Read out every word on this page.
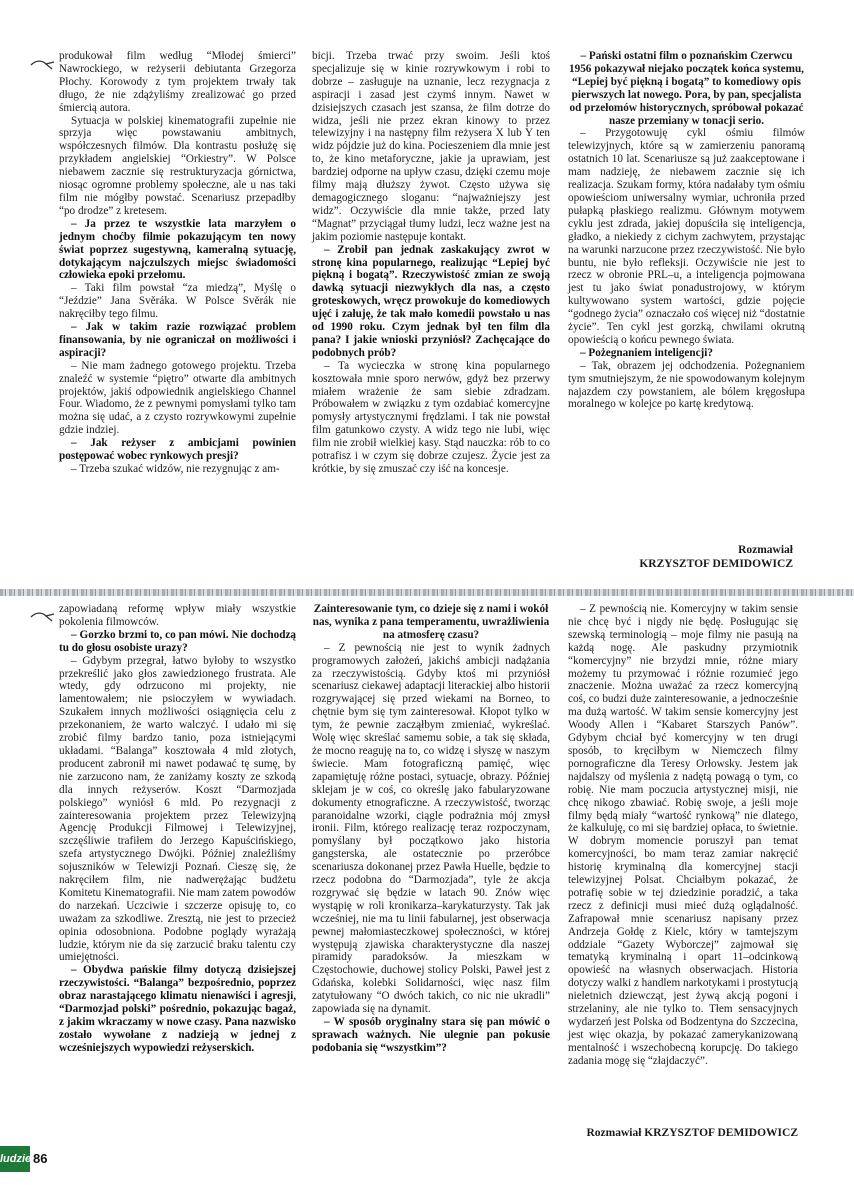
produkował film według “Młodej śmierci” Nawrockiego, w reżyserii debiutanta Grzegorza Płochy. Korowody z tym projektem trwały tak długo, że nie zdążyliśmy zrealizować go przed śmiercią autora.

Sytuacja w polskiej kinematografii zupełnie nie sprzyja więc powstawaniu ambitnych, współczesnych filmów. Dla kontrastu posłużę się przykładem angielskiej “Orkiestry”. W Polsce niebawem zacznie się restrukturyzacja górnictwa, niosąc ogromne problemy społeczne, ale u nas taki film nie mógłby powstać. Scenariusz przepadłby “po drodze” z kretesem.

– Ja przez te wszystkie lata marzyłem o jednym choćby filmie pokazującym ten nowy świat poprzez sugestywną, kameralną sytuację, dotykającym najczulszych miejsc świadomości człowieka epoki przełomu.

– Taki film powstał “za miedzą”, Myślę o “Jeździe” Jana Svěráka. W Polsce Svěrák nie nakręciłby tego filmu.

– Jak w takim razie rozwiązać problem finansowania, by nie ograniczał on możliwości i aspiracji?

– Nie mam żadnego gotowego projektu. Trzeba znaleźć w systemie “piętro” otwarte dla ambitnych projektów, jakiś odpowiednik angielskiego Channel Four. Wiadomo, że z pewnymi pomysłami tylko tam można się udać, a z czysto rozrywkowymi zupełnie gdzie indziej.

– Jak reżyser z ambicjami powinien postępować wobec rynkowych presji?

– Trzeba szukać widzów, nie rezygnując z am-

bicji. Trzeba trwać przy swoim. Jeśli ktoś specjalizuje się w kinie rozrywkowym i robi to dobrze – zasługuje na uznanie, lecz rezygnacja z aspiracji i zasad jest czymś innym. Nawet w dzisiejszych czasach jest szansa, że film dotrze do widza, jeśli nie przez ekran kinowy to przez telewizyjny i na następny film reżysera X lub Y ten widz pójdzie już do kina. Pocieszeniem dla mnie jest to, że kino metaforyczne, jakie ja uprawiam, jest bardziej odporne na upływ czasu, dzięki czemu moje filmy mają dłuższy żywot. Często używa się demagogicznego sloganu: “najważniejszy jest widz”. Oczywiście dla mnie także, przed laty “Magnat” przyciągał tłumy ludzi, lecz ważne jest na jakim poziomie następuje kontakt.

– Zrobił pan jednak zaskakujący zwrot w stronę kina popularnego, realizując “Lepiej być piękną i bogatą”. Rzeczywistość zmian ze swoją dawką sytuacji niezwykłych dla nas, a często groteskowych, wręcz prowokuje do komediowych ujęć i załuję, że tak mało komedii powstało u nas od 1990 roku. Czym jednak był ten film dla pana? I jakie wnioski przyniósł? Zachęcające do podobnych prób?

– Ta wycieczka w stronę kina popularnego kosztowała mnie sporo nerwów, gdyż bez przerwy miałem wrażenie że sam siebie zdradzam. Próbowałem w związku z tym ozdabiać komercyjne pomysły artystycznymi frędzlami. I tak nie powstał film gatunkowo czysty. A widz tego nie lubi, więc film nie zrobił wielkiej kasy. Stąd nauczka: rób to co potrafisz i w czym się dobrze czujesz. Życie jest za krótkie, by się zmuszać czy iść na koncesje.

– Pański ostatni film o poznańskim Czerwcu 1956 pokazywał niejako początek końca systemu, “Lepiej być piękną i bogatą” to komediowy opis pierwszych lat nowego. Pora, by pan, specjalista od przełomów historycznych, spróbował pokazać nasze przemiany w tonacji serio.

– Przygotowuję cykl ośmiu filmów telewizyjnych, które są w zamierzeniu panoramą ostatnich 10 lat. Scenariusze są już zaakceptowane i mam nadzieję, że niebawem zacznie się ich realizacja. Szukam formy, która nadałaby tym ośmiu opowieściom uniwersalny wymiar, uchroniła przed pułapką płaskiego realizmu. Głównym motywem cyklu jest zdrada, jakiej dopuściła się inteligencja, gładko, a niekiedy z cichym zachwytem, przystając na warunki narzucone przez rzeczywistość. Nie było buntu, nie było refleksji. Oczywiście nie jest to rzecz w obronie PRL–u, a inteligencja pojmowana jest tu jako świat ponadustrojowy, w którym kultywowano system wartości, gdzie pojęcie “godnego życia” oznaczało coś więcej niż “dostatnie życie”. Ten cykl jest gorzką, chwilami okrutną opowieścią o końcu pewnego świata.

– Pożegnaniem inteligencji?

– Tak, obrazem jej odchodzenia. Pożegnaniem tym smutniejszym, że nie spowodowanym kolejnym najazdem czy powstaniem, ale bólem kręgosłupa moralnego w kolejce po kartę kredytową.

Rozmawiał
KRZYSZTOF DEMIDOWICZ

zapowiadaną reformę wpływ miały wszystkie pokolenia filmowców.

– Gorzko brzmi to, co pan mówi. Nie dochodzą tu do głosu osobiste urazy?

– Gdybym przegrał, łatwo byłoby to wszystko przekreślić jako głos zawiedzionego frustrata. Ale wtedy, gdy odrzucono mi projekty, nie lamentowałem; nie psioczyłem w wywiadach. Szukałem innych możliwości osiągnięcia celu z przekonaniem, że warto walczyć. I udało mi się zrobić filmy bardzo tanio, poza istniejącymi układami. “Balanga” kosztowała 4 mld złotych, producent zabronił mi nawet podawać tę sumę, by nie zarzucono nam, że zaniżamy koszty ze szkodą dla innych reżyserów. Koszt “Darmozjada polskiego” wyniósł 6 mld. Po rezygnacji z zainteresowania projektem przez Telewizyjną Agencję Produkcji Filmowej i Telewizyjnej, szczęśliwie trafiłem do Jerzego Kapuścińskiego, szefa artystycznego Dwójki. Później znaleźliśmy sojuszników w Telewizji Poznań. Cieszę się, że nakręciłem film, nie nadwerężając budżetu Komitetu Kinematografii. Nie mam zatem powodów do narzekań. Uczciwie i szczerze opisuję to, co uważam za szkodliwe. Zresztą, nie jest to przecież opinia odosobniona. Podobne poglądy wyrażają ludzie, którym nie da się zarzucić braku talentu czy umiejętności.

– Obydwa pańskie filmy dotyczą dzisiejszej rzeczywistości. “Balanga” bezpośrednio, poprzez obraz narastającego klimatu nienawiści i agresji, “Darmozjad polski” pośrednio, pokazując bagaż, z jakim wkraczamy w nowe czasy. Pana nazwisko zostało wywołane z nadzieją w jednej z wcześniejszych wypowiedzi reżyserskich.

Zainteresowanie tym, co dzieje się z nami i wokół nas, wynika z pana temperamentu, uwrażliwienia na atmosferę czasu?

– Z pewnością nie jest to wynik żadnych programowych założeń, jakichś ambicji nadążania za rzeczywistością. Gdyby ktoś mi przyniósł scenariusz ciekawej adaptacji literackiej albo historii rozgrywającej się przed wiekami na Borneo, to chętnie bym się tym zainteresował. Kłopot tylko w tym, że pewnie zacząłbym zmieniać, wykreślać. Wolę więc skreślać samemu sobie, a tak się składa, że mocno reaguję na to, co widzę i słyszę w naszym świecie. Mam fotograficzną pamięć, więc zapamiętuję różne postaci, sytuacje, obrazy. Później sklejam je w coś, co określę jako fabularyzowane dokumenty etnograficzne. A rzeczywistość, tworząc paranoidalne wzorki, ciągle podrażnia mój zmysł ironii. Film, którego realizację teraz rozpoczynam, pomyślany był początkowo jako historia gangsterska, ale ostatecznie po przeróbce scenariusza dokonanej przez Pawła Huelle, będzie to rzecz podobna do “Darmozjada”, tyle że akcja rozgrywać się będzie w latach 90. Znów więc wystąpię w roli kronikarza–karykaturzysty. Tak jak wcześniej, nie ma tu linii fabularnej, jest obserwacja pewnej małomiasteczkowej społeczności, w której występują zjawiska charakterystyczne dla naszej piramidy paradoksów. Ja mieszkam w Częstochowie, duchowej stolicy Polski, Paweł jest z Gdańska, kolebki Solidarności, więc nasz film zatytułowany “O dwóch takich, co nic nie ukradli” zapowiada się na dynamit.

– W sposób oryginalny stara się pan mówić o sprawach ważnych. Nie ulegnie pan pokusie podobania się “wszystkim”?

– Z pewnością nie. Komercyjny w takim sensie nie chcę być i nigdy nie będę. Posługując się szewską terminologią – moje filmy nie pasują na każdą nogę. Ale paskudny przymiotnik “komercyjny” nie brzydzi mnie, różne miary możemy tu przymować i różnie rozumieć jego znaczenie. Można uważać za rzecz komercyjną coś, co budzi duże zainteresowanie, a jednocześnie ma dużą wartość. W takim sensie komercyjny jest Woody Allen i “Kabaret Starszych Panów”. Gdybym chciał być komercyjny w ten drugi sposób, to kręciłbym w Niemczech filmy pornograficzne dla Teresy Orłowsky. Jestem jak najdalszy od myślenia z nadętą powagą o tym, co robię. Nie mam poczucia artystycznej misji, nie chcę nikogo zbawiać. Robię swoje, a jeśli moje filmy będą miały “wartość rynkową” nie dlatego, że kalkuluję, co mi się bardziej opłaca, to świetnie. W dobrym momencie poruszył pan temat komercyjności, bo mam teraz zamiar nakręcić historię kryminalną dla komercyjnej stacji telewizyjnej Polsat. Chciałbym pokazać, że potrafię sobie w tej dziedzinie poradzić, a taka rzecz z definicji musi mieć dużą oglądalność. Zafrapował mnie scenariusz napisany przez Andrzeja Gołdę z Kielc, który w tamtejszym oddziale “Gazety Wyborczej” zajmował się tematyką kryminalną i opart 11–odcinkową opowieść na własnych obserwacjach. Historia dotyczy walki z handlem narkotykami i prostytucją nieletnich dziewcząt, jest żywą akcją pogoni i strzelaniny, ale nie tylko to. Tłem sensacyjnych wydarzeń jest Polska od Bodzentyna do Szczecina, jest więc okazja, by pokazać zamerykanizowaną mentalność i wszechobecną korupcję. Do takiego zadania mogę się “złajdaczyć”.

Rozmawiał KRZYSZTOF DEMIDOWICZ
ludzie 86
